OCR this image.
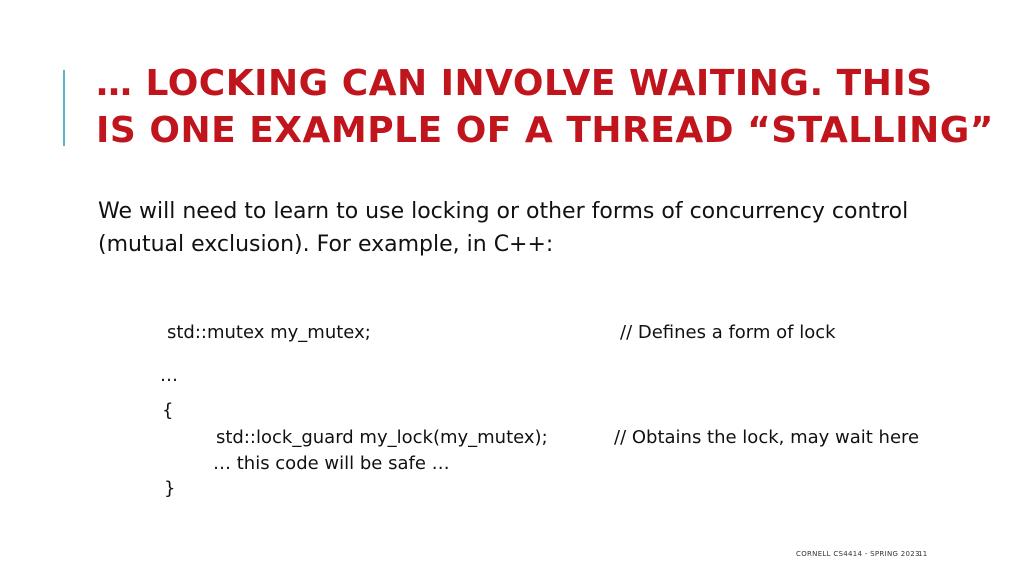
… LOCKING CAN INVOLVE WAITING. THIS
IS ONE EXAMPLE OF A THREAD “STALLING”

We will need to learn to use locking or other forms of concurrency control (mutual exclusion). For example, in C++:

std::mutex my_mutex;	// Defines a form of lock
…
{
std::lock_guard my_lock(my_mutex);	// Obtains the lock, may wait here
… this code will be safe …
}
CORNELL CS4414 - SPRING 2023
11
